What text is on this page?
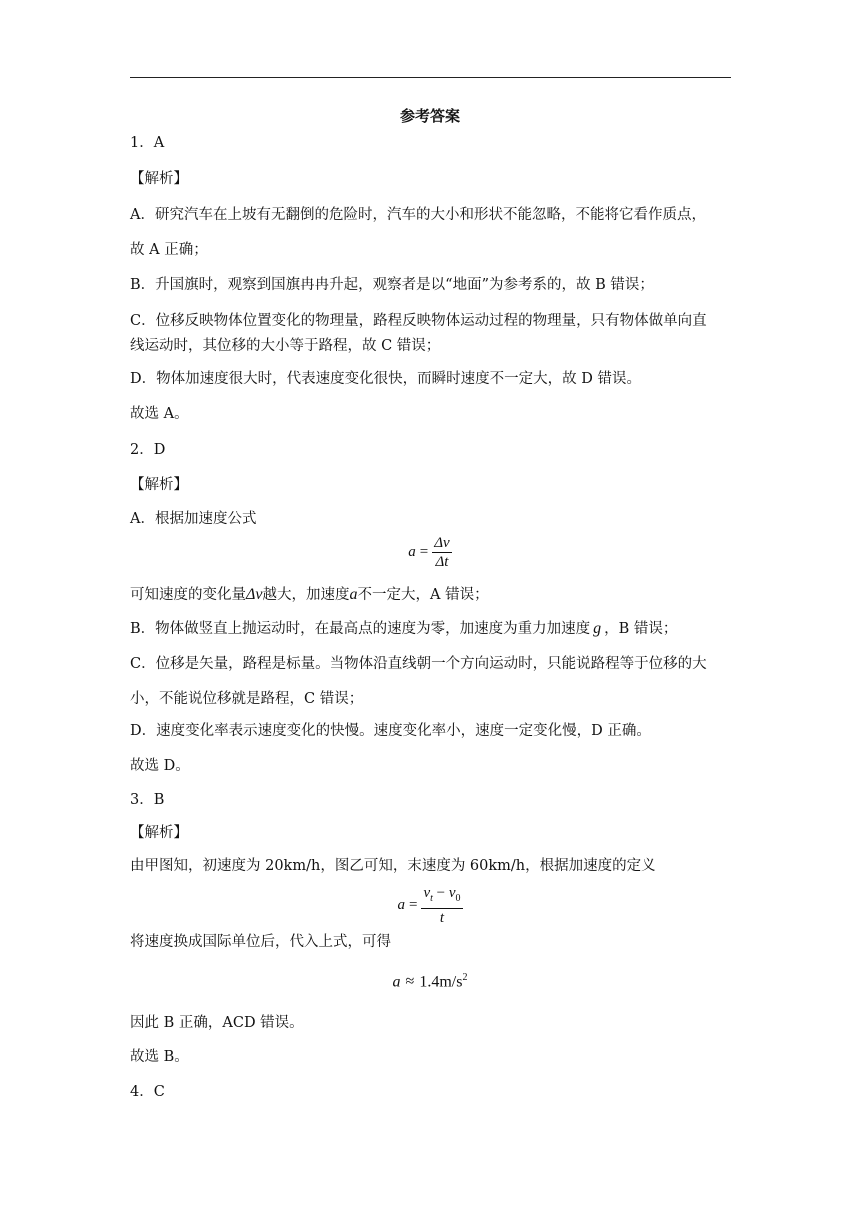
参考答案
1．A
【解析】
A．研究汽车在上坡有无翻倒的危险时，汽车的大小和形状不能忽略，不能将它看作质点，
故 A 正确；
B．升国旗时，观察到国旗冉冉升起，观察者是以“地面”为参考系的，故 B 错误；
C．位移反映物体位置变化的物理量，路程反映物体运动过程的物理量，只有物体做单向直
线运动时，其位移的大小等于路程，故 C 错误；
D．物体加速度很大时，代表速度变化很快，而瞬时速度不一定大，故 D 错误。
故选 A。
2．D
【解析】
A．根据加速度公式
$a = \frac{\Delta v}{\Delta t}$
可知速度的变化量Δv越大，加速度a不一定大，A 错误；
B．物体做竖直上抛运动时，在最高点的速度为零，加速度为重力加速度 g ，B 错误；
C．位移是矢量，路程是标量。当物体沿直线朝一个方向运动时，只能说路程等于位移的大
小，不能说位移就是路程，C 错误；
D．速度变化率表示速度变化的快慢。速度变化率小，速度一定变化慢，D 正确。
故选 D。
3．B
【解析】
由甲图知，初速度为 20km/h，图乙可知，末速度为 60km/h，根据加速度的定义
$a = \frac{v_t - v_0}{t}$
将速度换成国际单位后，代入上式，可得
$a \approx 1.4m/s^2$
因此 B 正确，ACD 错误。
故选 B。
4．C
